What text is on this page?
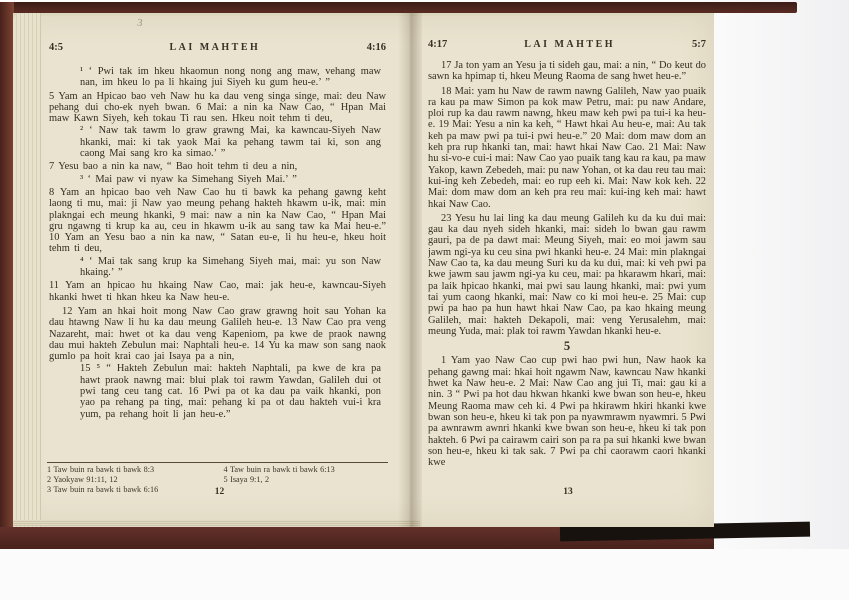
3
4:5	LAI MAHTEH	4:16

¹ ‘ Pwi tak im hkeu hkaomun nong nong ang maw, vehang maw nan, im hkeu lo pa li hkaing jui Siyeh ku gum heu-e.’ ”

5 Yam an Hpicao bao veh Naw hu ka dau veng singa singe, mai: deu Naw pehang dui cho-ek nyeh bwan. 6 Mai: a nin ka Naw Cao, “ Hpan Mai maw Kawn Siyeh, keh tokau Ti rau sen. Hkeu noit tehm ti deu,

² ‘ Naw tak tawm lo graw grawng Mai, ka kawncau-Siyeh Naw hkanki, mai: ki tak yaok Mai ka pehang tawm tai ki, son ang caong Mai sang kro ka simao.’ ”

7 Yesu bao a nin ka naw, “ Bao hoit tehm ti deu a nin,

³ ‘ Mai paw vi nyaw ka Simehang Siyeh Mai.’ ”

8 Yam an hpicao bao veh Naw Cao hu ti bawk ka pehang gawng keht laong ti mu, mai: ji Naw yao meung pehang hakteh hkawm u-ik, mai: min plakngai ech meung hkanki, 9 mai: naw a nin ka Naw Cao, “ Hpan Mai gru ngawng ti krup ka au, ceu in hkawm u-ik au sang taw ka Mai heu-e.” 10 Yam an Yesu bao a nin ka naw, “ Satan eu-e, li hu heu-e, hkeu hoit tehm ti deu,

⁴ ‘ Mai tak sang krup ka Simehang Siyeh mai, mai: yu son Naw hkaing.’ ”

11 Yam an hpicao hu hkaing Naw Cao, mai: jak heu-e, kawncau-Siyeh hkanki hwet ti hkan hkeu ka Naw heu-e.

12 Yam an hkai hoit mong Naw Cao graw grawng hoit sau Yohan ka dau htawng Naw li hu ka dau meung Galileh heu-e. 13 Naw Cao pra veng Nazareht, mai: hwet ot ka dau veng Kapeniom, pa kwe de praok nawng dau mui hakteh Zebulun mai: Naphtali heu-e. 14 Yu ka maw son sang naok gumlo pa hoit krai cao jai Isaya pa a nin,

15 ⁵ “ Hakteh Zebulun mai: hakteh Naphtali, pa kwe de kra pa hawt praok nawng mai: blui plak toi rawm Yawdan, Galileh dui ot pwi tang ceu tang cat. 16 Pwi pa ot ka dau pa vaik hkanki, pon yao pa rehang pa ting, mai: pehang ki pa ot dau hakteh vui-i kra yum, pa rehang hoit li jan heu-e.”

1 Taw buin ra bawk ti bawk 8:3
2 Yaokyaw 91:11, 12
3 Taw buin ra bawk ti bawk 6:16
4 Taw buin ra bawk ti bawk 6:13
5 Isaya 9:1, 2
12
4:17	LAI MAHTEH	5:7

17 Ja ton yam an Yesu ja ti sideh gau, mai: a nin, “ Do keut do sawn ka hpimap ti, hkeu Meung Raoma de sang hwet heu-e.”

18 Mai: yam hu Naw de rawm nawng Galileh, Naw yao puaik ra kau pa maw Simon pa kok maw Petru, mai: pu naw Andare, ploi rup ka dau rawm nawng, hkeu maw keh pwi pa tui-i ka heu-e. 19 Mai: Yesu a nin ka keh, “ Hawt hkai Au heu-e, mai: Au tak keh pa maw pwi pa tui-i pwi heu-e.” 20 Mai: dom maw dom an keh pra rup hkanki tan, mai: hawt hkai Naw Cao. 21 Mai: Naw hu si-vo-e cui-i mai: Naw Cao yao puaik tang kau ra kau, pa maw Yakop, kawn Zebedeh, mai: pu naw Yohan, ot ka dau reu tau mai: kui-ing keh Zebedeh, mai: eo rup eeh ki. Mai: Naw kok keh. 22 Mai: dom maw dom an keh pra reu mai: kui-ing keh mai: hawt hkai Naw Cao.

23 Yesu hu lai ling ka dau meung Galileh ku da ku dui mai: gau ka dau nyeh sideh hkanki, mai: sideh lo bwan gau rawm gauri, pa de pa dawt mai: Meung Siyeh, mai: eo moi jawm sau jawm ngi-ya ku ceu sina pwi hkanki heu-e. 24 Mai: min plakngai Naw Cao ta, ka dau meung Suri ku da ku dui, mai: ki veh pwi pa kwe jawm sau jawm ngi-ya ku ceu, mai: pa hkarawm hkari, mai: pa laik hpicao hkanki, mai pwi sau laung hkanki, mai: pwi yum tai yum caong hkanki, mai: Naw co ki moi heu-e. 25 Mai: cup pwi pa hao pa hun hawt hkai Naw Cao, pa kao hkaing meung Galileh, mai: hakteh Dekapoli, mai: veng Yerusalehm, mai: meung Yuda, mai: plak toi rawm Yawdan hkanki heu-e.

5

1 Yam yao Naw Cao cup pwi hao pwi hun, Naw haok ka pehang gawng mai: hkai hoit ngawm Naw, kawncau Naw hkanki hwet ka Naw heu-e. 2 Mai: Naw Cao ang jui Ti, mai: gau ki a nin. 3 “ Pwi pa hot dau hkwan hkanki kwe bwan son heu-e, hkeu Meung Raoma maw ceh ki. 4 Pwi pa hkirawm hkiri hkanki kwe bwan son heu-e, hkeu ki tak pon pa nyawmrawm nyawmri. 5 Pwi pa awnrawm awnri hkanki kwe bwan son heu-e, hkeu ki tak pon hakteh. 6 Pwi pa cairawm cairi son pa ra pa sui hkanki kwe bwan son heu-e, hkeu ki tak sak. 7 Pwi pa chi caorawm caori hkanki kwe

13
